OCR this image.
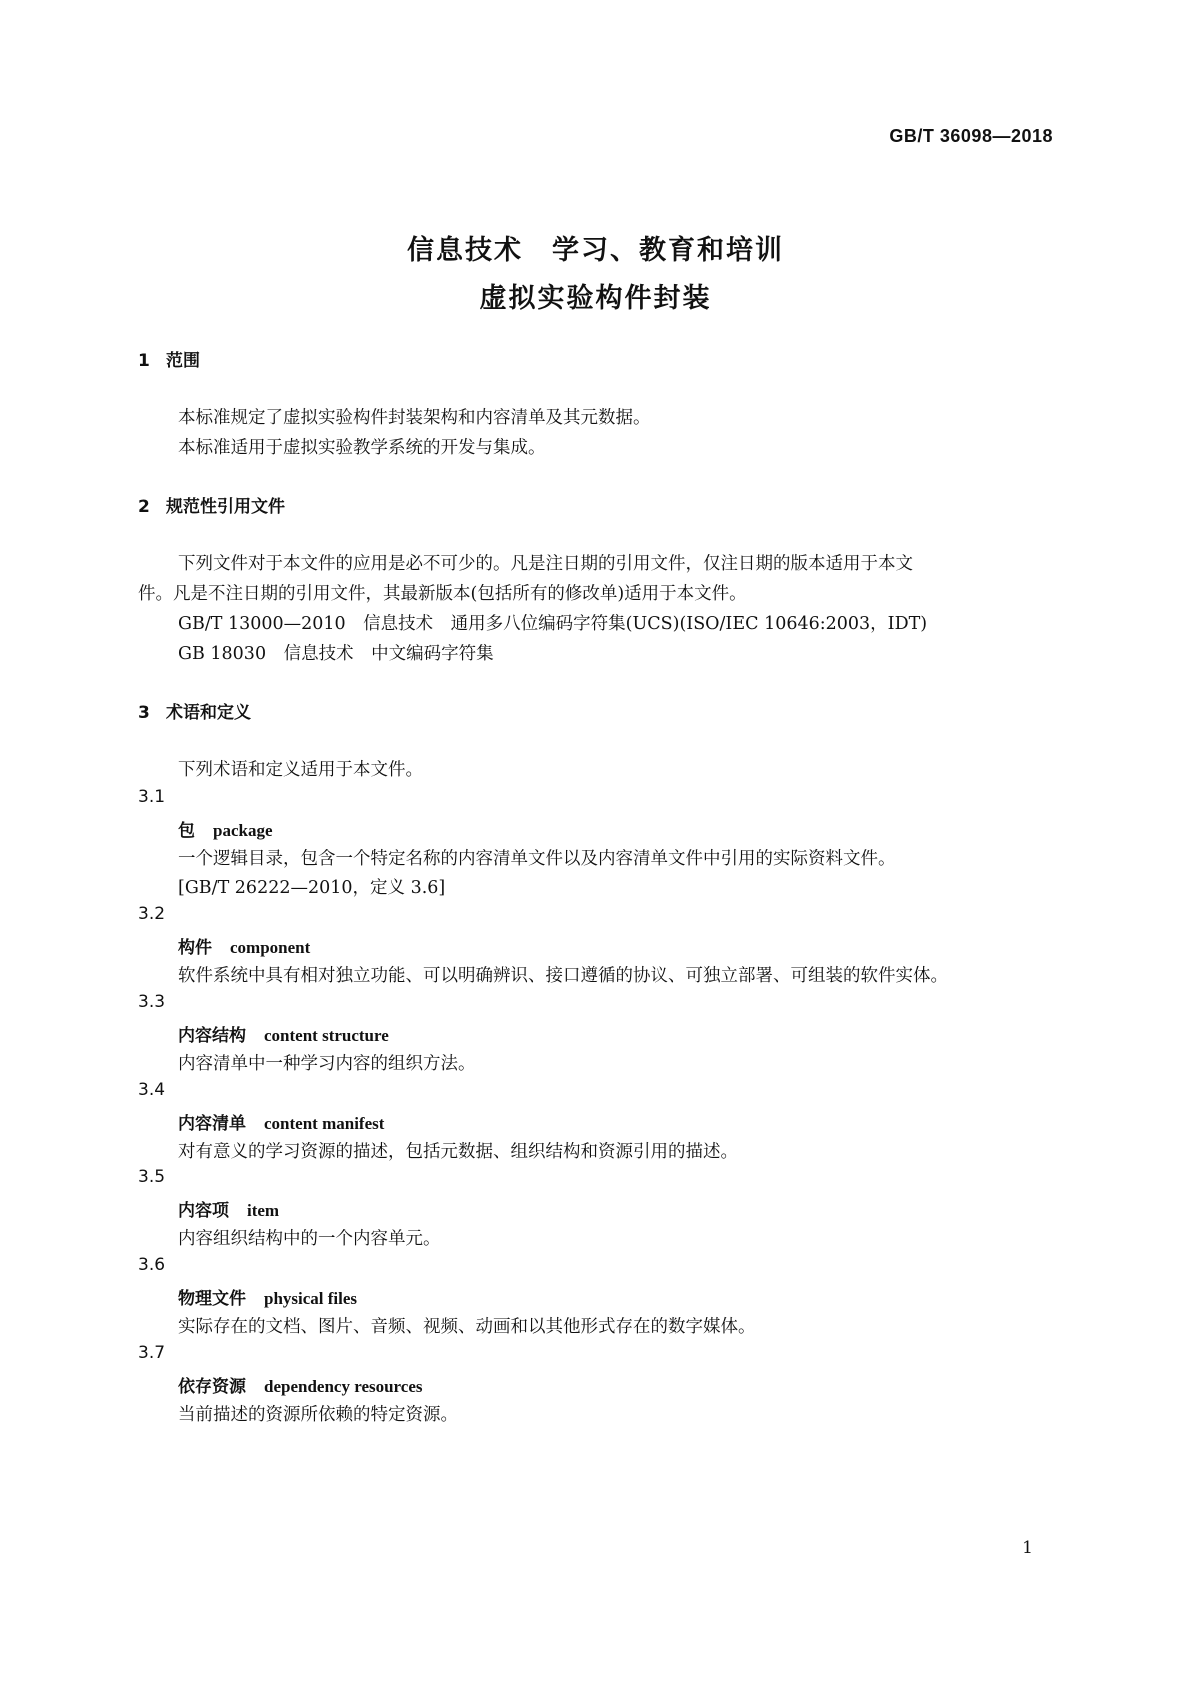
GB/T 36098—2018
信息技术　学习、教育和培训
虚拟实验构件封装
1 范围
本标准规定了虚拟实验构件封装架构和内容清单及其元数据。
本标准适用于虚拟实验教学系统的开发与集成。
2 规范性引用文件
下列文件对于本文件的应用是必不可少的。凡是注日期的引用文件，仅注日期的版本适用于本文
件。凡是不注日期的引用文件，其最新版本(包括所有的修改单)适用于本文件。
GB/T 13000—2010　信息技术　通用多八位编码字符集(UCS)(ISO/IEC 10646:2003，IDT)
GB 18030　信息技术　中文编码字符集
3 术语和定义
下列术语和定义适用于本文件。
3.1
包 package
一个逻辑目录，包含一个特定名称的内容清单文件以及内容清单文件中引用的实际资料文件。
[GB/T 26222—2010，定义 3.6]
3.2
构件 component
软件系统中具有相对独立功能、可以明确辨识、接口遵循的协议、可独立部署、可组装的软件实体。
3.3
内容结构 content structure
内容清单中一种学习内容的组织方法。
3.4
内容清单 content manifest
对有意义的学习资源的描述，包括元数据、组织结构和资源引用的描述。
3.5
内容项 item
内容组织结构中的一个内容单元。
3.6
物理文件 physical files
实际存在的文档、图片、音频、视频、动画和以其他形式存在的数字媒体。
3.7
依存资源 dependency resources
当前描述的资源所依赖的特定资源。
1
